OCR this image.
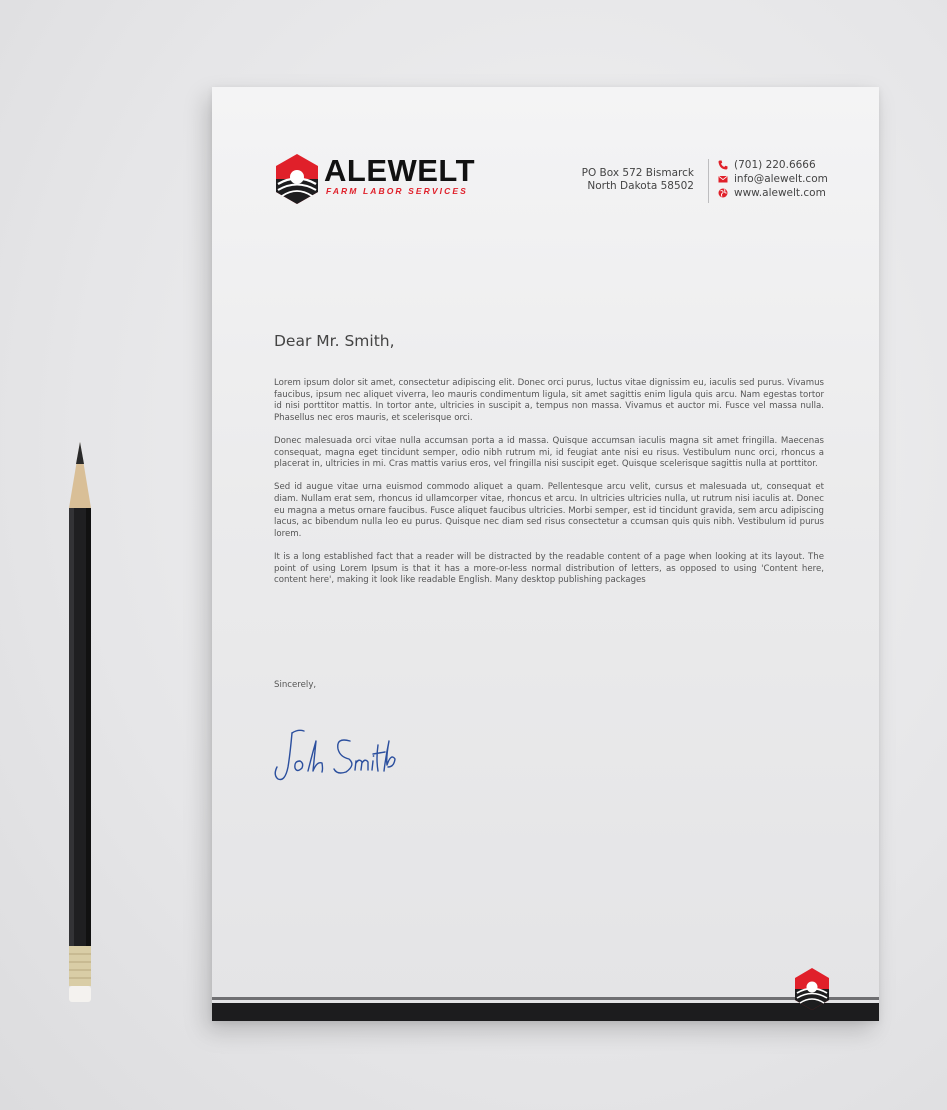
ALEWELT
FARM LABOR SERVICES
PO Box 572 Bismarck
North Dakota 58502
(701) 220.6666
info@alewelt.com
www.alewelt.com
Dear Mr. Smith,

Lorem ipsum dolor sit amet, consectetur adipiscing elit. Donec orci purus, luctus vitae dignissim eu, iaculis sed purus. Vivamus faucibus, ipsum nec aliquet viverra, leo mauris condimentum ligula, sit amet sagittis enim ligula quis arcu. Nam egestas tortor id nisi porttitor mattis. In tortor ante, ultricies in suscipit a, tempus non massa. Vivamus et auctor mi. Fusce vel massa nulla. Phasellus nec eros mauris, et scelerisque orci.

Donec malesuada orci vitae nulla accumsan porta a id massa. Quisque accumsan iaculis magna sit amet fringilla. Maecenas consequat, magna eget tincidunt semper, odio nibh rutrum mi, id feugiat ante nisi eu risus. Vestibulum nunc orci, rhoncus a placerat in, ultricies in mi. Cras mattis varius eros, vel fringilla nisi suscipit eget. Quisque scelerisque sagittis nulla at porttitor.

Sed id augue vitae urna euismod commodo aliquet a quam. Pellentesque arcu velit, cursus et malesuada ut, consequat et diam. Nullam erat sem, rhoncus id ullamcorper vitae, rhoncus et arcu. In ultricies ultricies nulla, ut rutrum nisi iaculis at. Donec eu magna a metus ornare faucibus. Fusce aliquet faucibus ultricies. Morbi semper, est id tincidunt gravida, sem arcu adipiscing lacus, ac bibendum nulla leo eu purus. Quisque nec diam sed risus consectetur a ccumsan quis quis nibh. Vestibulum id purus lorem.

It is a long established fact that a reader will be distracted by the readable content of a page when looking at its layout. The point of using Lorem Ipsum is that it has a more-or-less normal distribution of letters, as opposed to using 'Content here, content here', making it look like readable English. Many desktop publishing packages

Sincerely,
